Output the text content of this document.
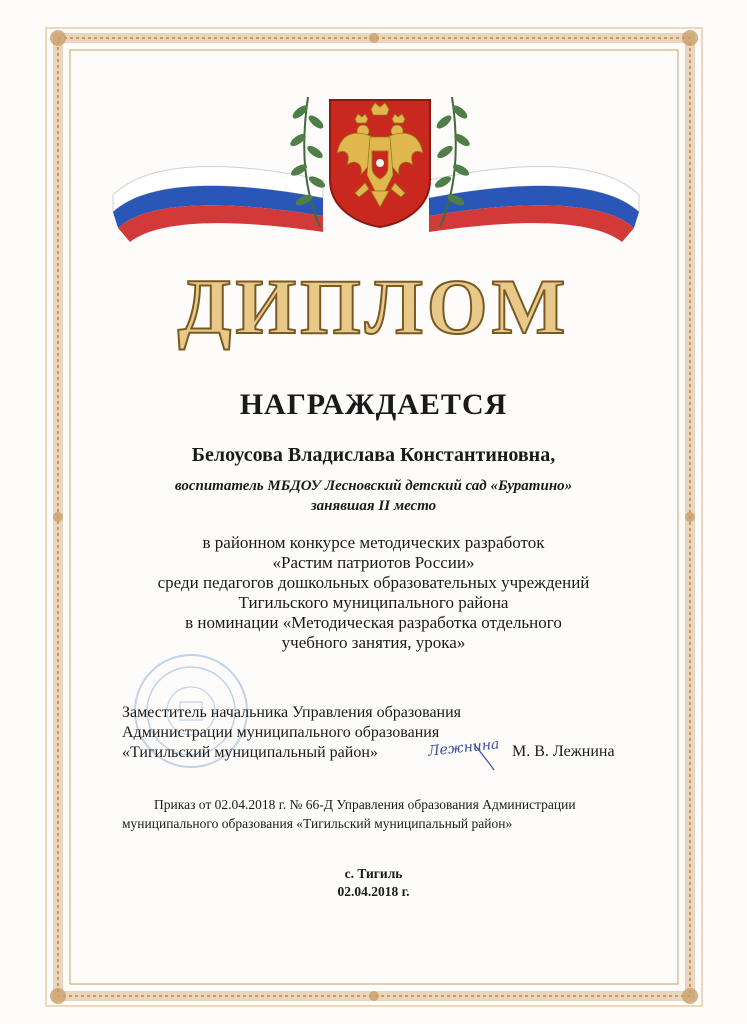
ДИПЛОМ
НАГРАЖДАЕТСЯ
Белоусова Владислава Константиновна,
воспитатель МБДОУ Лесновский детский сад «Буратино»
занявшая II место
в районном конкурсе методических разработок
«Растим патриотов России»
среди педагогов дошкольных образовательных учреждений
Тигильского муниципального района
в номинации «Методическая разработка отдельного
учебного занятия, урока»
Заместитель начальника Управления образования
Администрации муниципального образования
«Тигильский муниципальный район»	Лежнина М. В. Лежнина
Приказ от 02.04.2018 г. № 66-Д Управления образования Администрации
муниципального образования «Тигильский муниципальный район»
с. Тигиль
02.04.2018 г.
